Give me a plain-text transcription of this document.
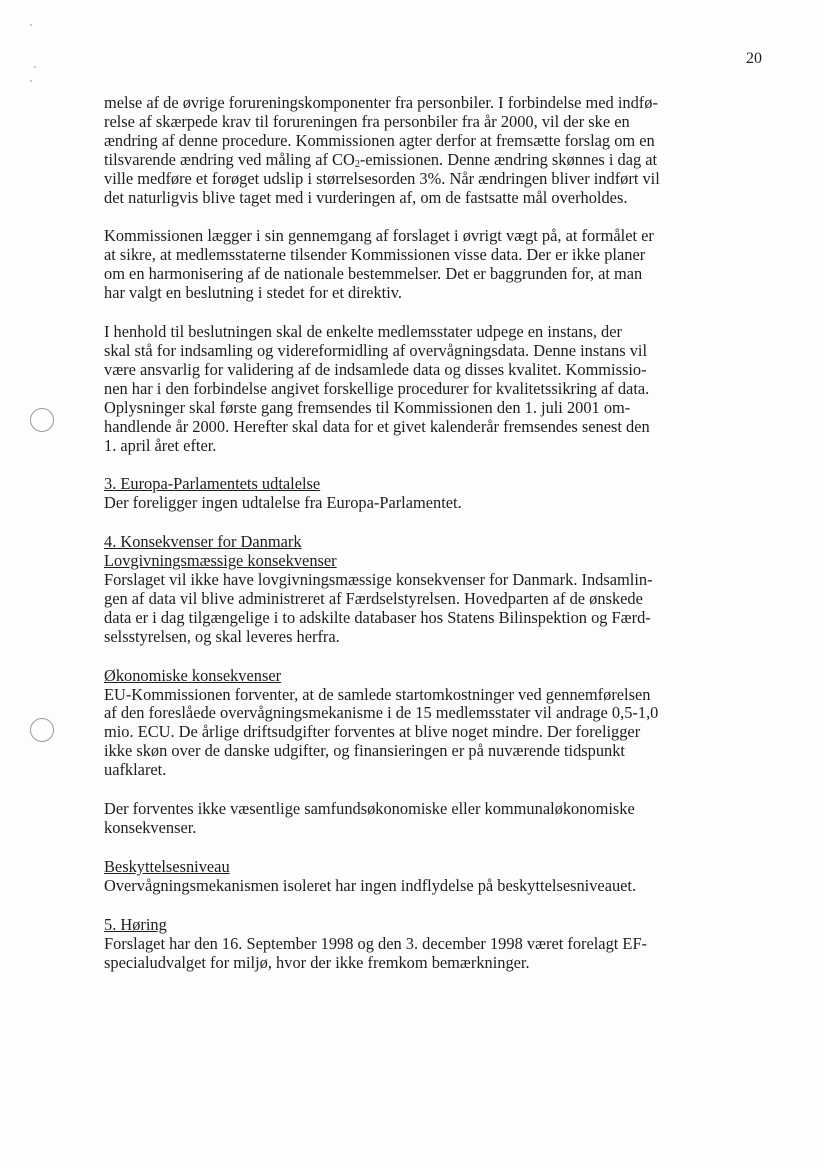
20
melse af de øvrige forureningskomponenter fra personbiler. I forbindelse med indfø-
relse af skærpede krav til forureningen fra personbiler fra år 2000, vil der ske en
ændring af denne procedure. Kommissionen agter derfor at fremsætte forslag om en
tilsvarende ændring ved måling af $CO_2$-emissionen. Denne ændring skønnes i dag at
ville medføre et forøget udslip i størrelsesorden 3%. Når ændringen bliver indført vil
det naturligvis blive taget med i vurderingen af, om de fastsatte mål overholdes.
Kommissionen lægger i sin gennemgang af forslaget i øvrigt vægt på, at formålet er
at sikre, at medlemsstaterne tilsender Kommissionen visse data. Der er ikke planer
om en harmonisering af de nationale bestemmelser. Det er baggrunden for, at man
har valgt en beslutning i stedet for et direktiv.
I henhold til beslutningen skal de enkelte medlemsstater udpege en instans, der
skal stå for indsamling og videreformidling af overvågningsdata. Denne instans vil
være ansvarlig for validering af de indsamlede data og disses kvalitet. Kommissio-
nen har i den forbindelse angivet forskellige procedurer for kvalitetssikring af data.
Oplysninger skal første gang fremsendes til Kommissionen den 1. juli 2001 om-
handlende år 2000. Herefter skal data for et givet kalenderår fremsendes senest den
1. april året efter.
3. Europa-Parlamentets udtalelse
Der foreligger ingen udtalelse fra Europa-Parlamentet.
4. Konsekvenser for Danmark
Lovgivningsmæssige konsekvenser
Forslaget vil ikke have lovgivningsmæssige konsekvenser for Danmark. Indsamlin-
gen af data vil blive administreret af Færdselstyrelsen. Hovedparten af de ønskede
data er i dag tilgængelige i to adskilte databaser hos Statens Bilinspektion og Færd-
selsstyrelsen, og skal leveres herfra.
Økonomiske konsekvenser
EU-Kommissionen forventer, at de samlede startomkostninger ved gennemførelsen
af den foreslåede overvågningsmekanisme i de 15 medlemsstater vil andrage 0,5-1,0
mio. ECU. De årlige driftsudgifter forventes at blive noget mindre. Der foreligger
ikke skøn over de danske udgifter, og finansieringen er på nuværende tidspunkt
uafklaret.
Der forventes ikke væsentlige samfundsøkonomiske eller kommunaløkonomiske
konsekvenser.
Beskyttelsesniveau
Overvågningsmekanismen isoleret har ingen indflydelse på beskyttelsesniveauet.
5. Høring
Forslaget har den 16. September 1998 og den 3. december 1998 været forelagt EF-
specialudvalget for miljø, hvor der ikke fremkom bemærkninger.
